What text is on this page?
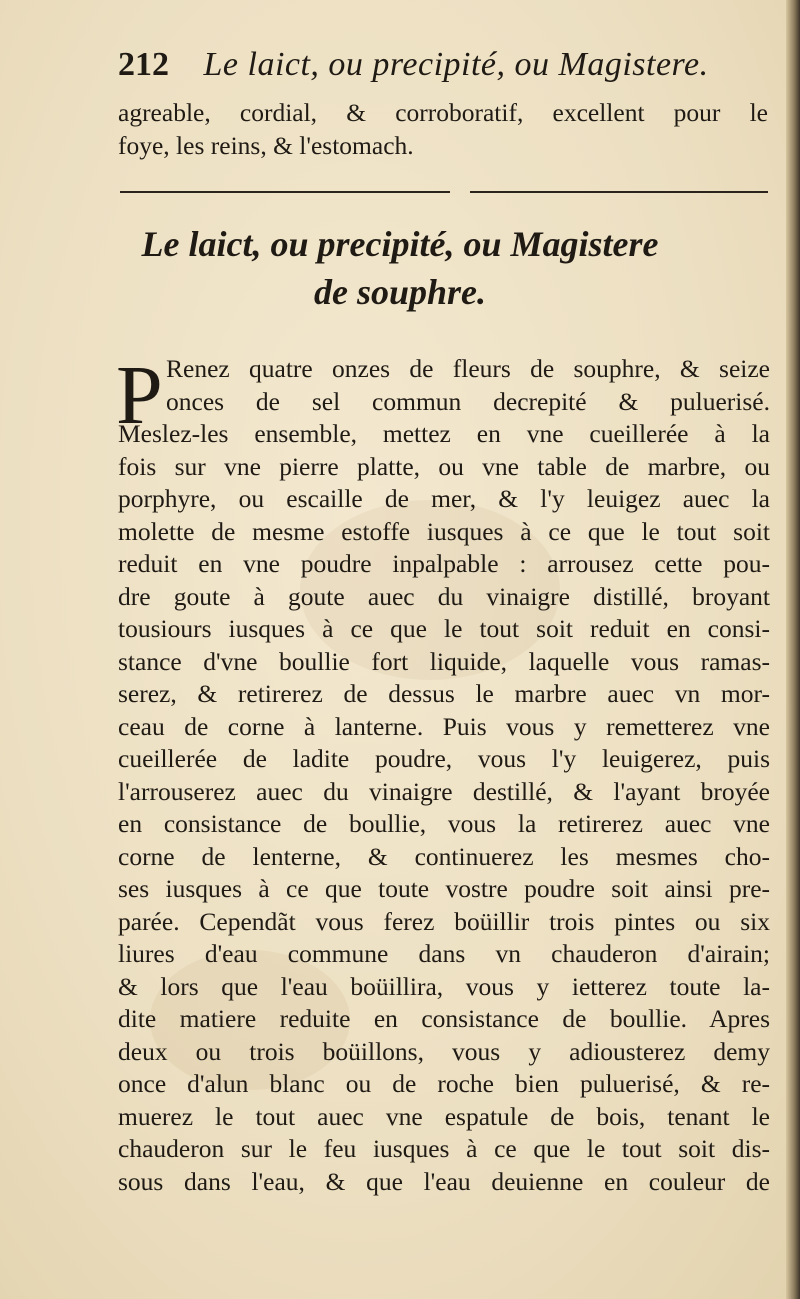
212 Le laict, ou precipité, ou Magistere.
agreable, cordial, & corroboratif, excellent pour le
foye, les reins, & l'estomach.
Le laict, ou precipité, ou Magistere
de souphre.
P Renez quatre onzes de fleurs de souphre, & seize
onces de sel commun decrepité & puluerisé.
Meslez-les ensemble, mettez en vne cueillerée à la
fois sur vne pierre platte, ou vne table de marbre, ou
porphyre, ou escaille de mer, & l'y leuigez auec la
molette de mesme estoffe iusques à ce que le tout soit
reduit en vne poudre inpalpable : arrousez cette pou-
dre goute à goute auec du vinaigre distillé, broyant
tousiours iusques à ce que le tout soit reduit en consi-
stance d'vne boullie fort liquide, laquelle vous ramas-
serez, & retirerez de dessus le marbre auec vn mor-
ceau de corne à lanterne. Puis vous y remetterez vne
cueillerée de ladite poudre, vous l'y leuigerez, puis
l'arrouserez auec du vinaigre destillé, & l'ayant broyée
en consistance de boullie, vous la retirerez auec vne
corne de lenterne, & continuerez les mesmes cho-
ses iusques à ce que toute vostre poudre soit ainsi pre-
parée. Cependãt vous ferez boüillir trois pintes ou six
liures d'eau commune dans vn chauderon d'airain;
& lors que l'eau boüillira, vous y ietterez toute la-
dite matiere reduite en consistance de boullie. Apres
deux ou trois boüillons, vous y adiousterez demy
once d'alun blanc ou de roche bien puluerisé, & re-
muerez le tout auec vne espatule de bois, tenant le
chauderon sur le feu iusques à ce que le tout soit dis-
sous dans l'eau, & que l'eau deuienne en couleur de
